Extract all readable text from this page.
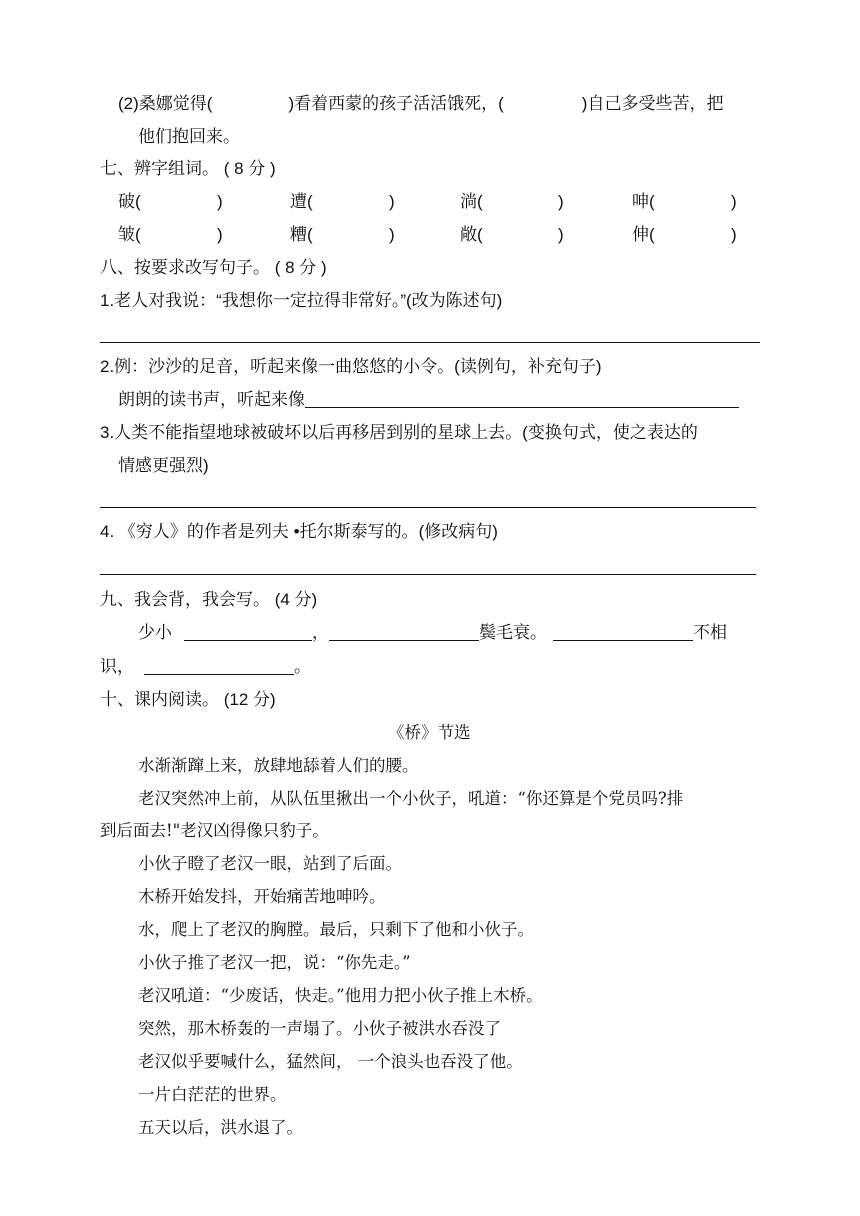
(2)桑娜觉得(	)看着西蒙的孩子活活饿死，(	)自己多受些苦，把
他们抱回来。
七、辨字组词。 ( 8 分 )
破(	)	遭(	)	淌(	)	呻(	)
皱(	)	糟(	)	敞(	)	伸(	)
八、按要求改写句子。 ( 8 分 )
1.老人对我说：“我想你一定拉得非常好。”(改为陈述句)
2.例：沙沙的足音，听起来像一曲悠悠的小令。(读例句，补充句子)
朗朗的读书声，听起来像
3.人类不能指望地球被破坏以后再移居到别的星球上去。(变换句式，使之表达的
情感更强烈)
4. 《穷人》的作者是列夫 •托尔斯泰写的。(修改病句)
九、我会背，我会写。 (4 分)
少小	，	鬓毛衰。	不相
识，	。
十、课内阅读。 (12 分)
《桥》节选
水渐渐蹿上来，放肆地舔着人们的腰。
老汉突然冲上前，从队伍里揪出一个小伙子，吼道：“你还算是个党员吗?排
到后面去!"老汉凶得像只豹子。
小伙子瞪了老汉一眼，站到了后面。
木桥开始发抖，开始痛苦地呻吟。
水，爬上了老汉的胸膛。最后，只剩下了他和小伙子。
小伙子推了老汉一把，说：“你先走。”
老汉吼道：“少废话，快走。”他用力把小伙子推上木桥。
突然，那木桥轰的一声塌了。小伙子被洪水吞没了
老汉似乎要喊什么，猛然间， 一个浪头也吞没了他。
一片白茫茫的世界。
五天以后，洪水退了。
